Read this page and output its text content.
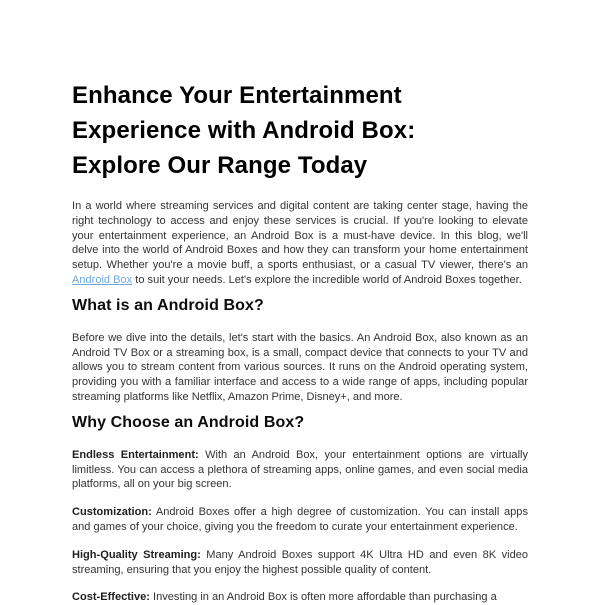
Enhance Your Entertainment Experience with Android Box: Explore Our Range Today

In a world where streaming services and digital content are taking center stage, having the right technology to access and enjoy these services is crucial. If you're looking to elevate your entertainment experience, an Android Box is a must-have device. In this blog, we'll delve into the world of Android Boxes and how they can transform your home entertainment setup. Whether you're a movie buff, a sports enthusiast, or a casual TV viewer, there's an Android Box to suit your needs. Let's explore the incredible world of Android Boxes together.

What is an Android Box?

Before we dive into the details, let's start with the basics. An Android Box, also known as an Android TV Box or a streaming box, is a small, compact device that connects to your TV and allows you to stream content from various sources. It runs on the Android operating system, providing you with a familiar interface and access to a wide range of apps, including popular streaming platforms like Netflix, Amazon Prime, Disney+, and more.

Why Choose an Android Box?

Endless Entertainment: With an Android Box, your entertainment options are virtually limitless. You can access a plethora of streaming apps, online games, and even social media platforms, all on your big screen.

Customization: Android Boxes offer a high degree of customization. You can install apps and games of your choice, giving you the freedom to curate your entertainment experience.

High-Quality Streaming: Many Android Boxes support 4K Ultra HD and even 8K video streaming, ensuring that you enjoy the highest possible quality of content.

Cost-Effective: Investing in an Android Box is often more affordable than purchasing a
